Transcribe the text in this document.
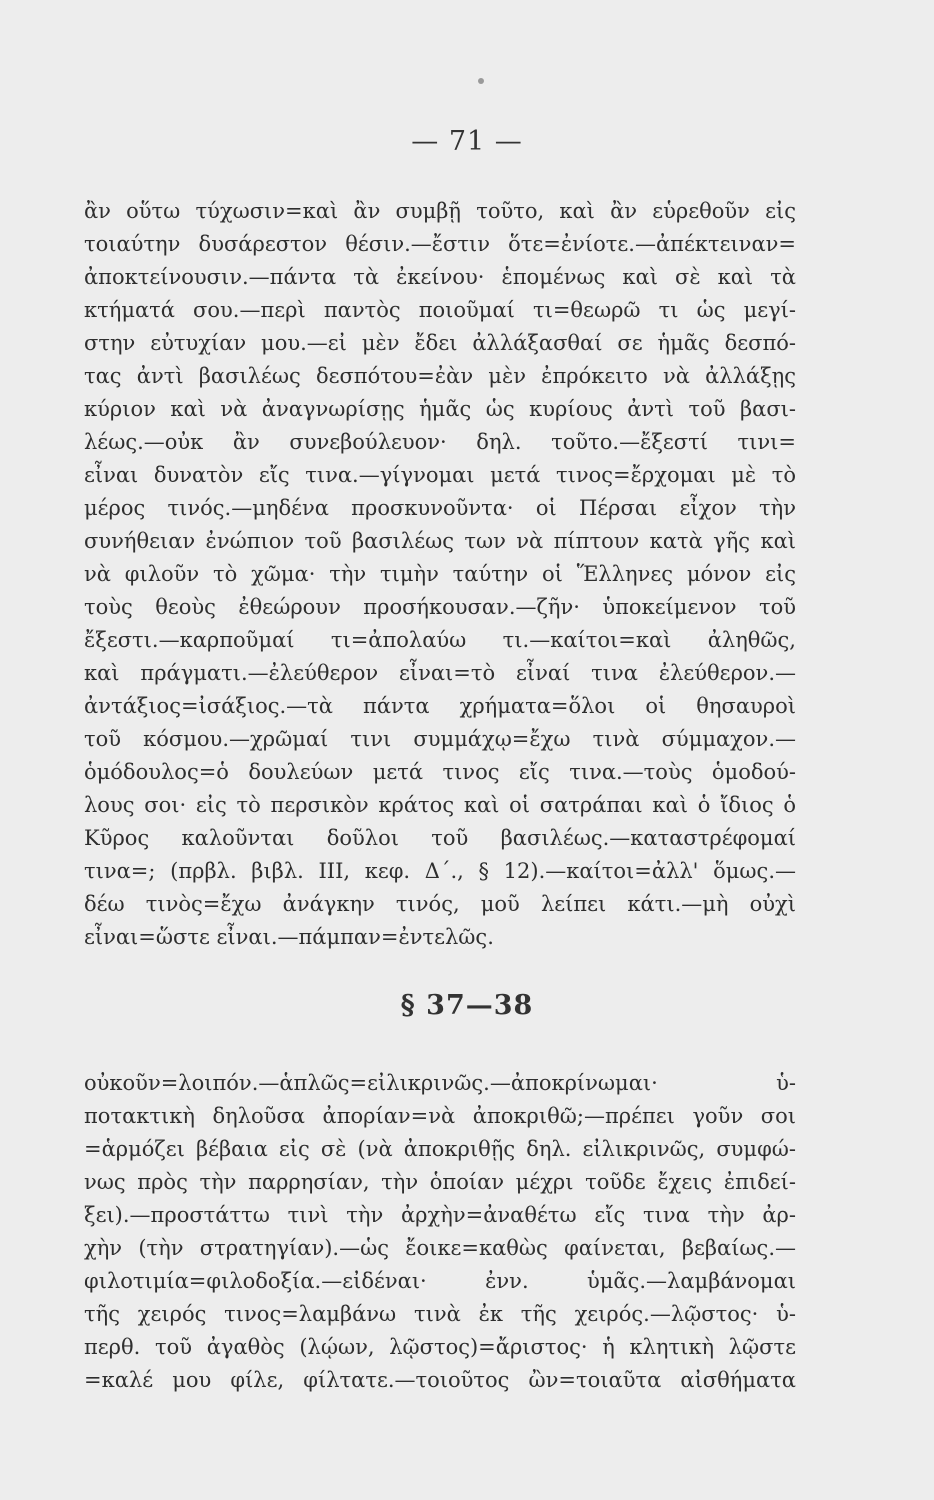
— 71 —
ἂν οὕτω τύχωσιν=καὶ ἂν συμβῇ τοῦτο, καὶ ἂν εὑρεθοῦν εἰς
τοιαύτην δυσάρεστον θέσιν.—ἔστιν ὅτε=ἐνίοτε.—ἀπέκτειναν=
ἀποκτείνουσιν.—πάντα τὰ ἐκείνου· ἑπομένως καὶ σὲ καὶ τὰ
κτήματά σου.—περὶ παντὸς ποιοῦμαί τι=θεωρῶ τι ὡς μεγί-
στην εὐτυχίαν μου.—εἰ μὲν ἔδει ἀλλάξασθαί σε ἡμᾶς δεσπό-
τας ἀντὶ βασιλέως δεσπότου=ἐὰν μὲν ἐπρόκειτο νὰ ἀλλάξῃς
κύριον καὶ νὰ ἀναγνωρίσῃς ἡμᾶς ὡς κυρίους ἀντὶ τοῦ βασι-
λέως.—οὐκ ἂν συνεβούλευον· δηλ. τοῦτο.—ἔξεστί τινι=
εἶναι δυνατὸν εἴς τινα.—γίγνομαι μετά τινος=ἔρχομαι μὲ τὸ
μέρος τινός.—μηδένα προσκυνοῦντα· οἱ Πέρσαι εἶχον τὴν
συνήθειαν ἐνώπιον τοῦ βασιλέως των νὰ πίπτουν κατὰ γῆς καὶ
νὰ φιλοῦν τὸ χῶμα· τὴν τιμὴν ταύτην οἱ Ἕλληνες μόνον εἰς
τοὺς θεοὺς ἐθεώρουν προσήκουσαν.—ζῆν· ὑποκείμενον τοῦ
ἔξεστι.—καρποῦμαί τι=ἀπολαύω τι.—καίτοι=καὶ ἀληθῶς,
καὶ πράγματι.—ἐλεύθερον εἶναι=τὸ εἶναί τινα ἐλεύθερον.—
ἀντάξιος=ἰσάξιος.—τὰ πάντα χρήματα=ὅλοι οἱ θησαυροὶ
τοῦ κόσμου.—χρῶμαί τινι συμμάχῳ=ἔχω τινὰ σύμμαχον.—
ὁμόδουλος=ὁ δουλεύων μετά τινος εἴς τινα.—τοὺς ὁμοδού-
λους σοι· εἰς τὸ περσικὸν κράτος καὶ οἱ σατράπαι καὶ ὁ ἴδιος ὁ
Κῦρος καλοῦνται δοῦλοι τοῦ βασιλέως.—καταστρέφομαί
τινα=; (πρβλ. βιβλ. III, κεφ. Δ΄., § 12).—καίτοι=ἀλλ' ὅμως.—
δέω τινὸς=ἔχω ἀνάγκην τινός, μοῦ λείπει κάτι.—μὴ οὐχὶ
εἶναι=ὥστε εἶναι.—πάμπαν=ἐντελῶς.
§ 37—38
οὐκοῦν=λοιπόν.—ἁπλῶς=εἰλικρινῶς.—ἀποκρίνωμαι· ὑ-
ποτακτικὴ δηλοῦσα ἀπορίαν=νὰ ἀποκριθῶ;—πρέπει γοῦν σοι
=ἁρμόζει βέβαια εἰς σὲ (νὰ ἀποκριθῇς δηλ. εἰλικρινῶς, συμφώ-
νως πρὸς τὴν παρρησίαν, τὴν ὁποίαν μέχρι τοῦδε ἔχεις ἐπιδεί-
ξει).—προστάττω τινὶ τὴν ἀρχὴν=ἀναθέτω εἴς τινα τὴν ἀρ-
χὴν (τὴν στρατηγίαν).—ὡς ἔοικε=καθὼς φαίνεται, βεβαίως.—
φιλοτιμία=φιλοδοξία.—εἰδέναι· ἐνν. ὑμᾶς.—λαμβάνομαι
τῆς χειρός τινος=λαμβάνω τινὰ ἐκ τῆς χειρός.—λῷστος· ὑ-
περθ. τοῦ ἀγαθὸς (λῴων, λῷστος)=ἄριστος· ἡ κλητικὴ λῷστε
=καλέ μου φίλε, φίλτατε.—τοιοῦτος ὢν=τοιαῦτα αἰσθήματα
